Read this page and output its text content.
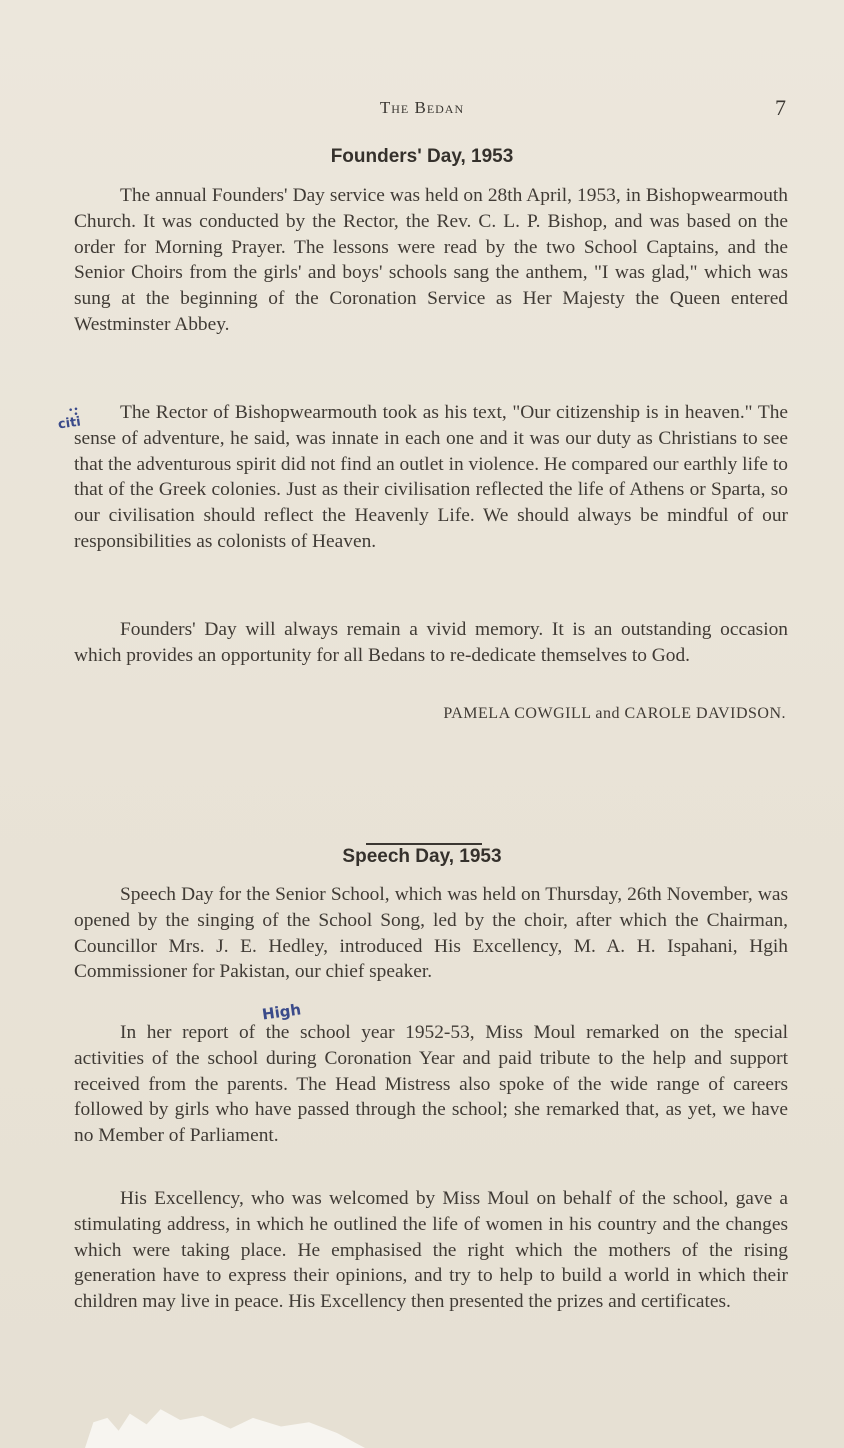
The Bedan	7
Founders' Day, 1953

The annual Founders' Day service was held on 28th April, 1953, in Bishopwearmouth Church. It was conducted by the Rector, the Rev. C. L. P. Bishop, and was based on the order for Morning Prayer. The lessons were read by the two School Captains, and the Senior Choirs from the girls' and boys' schools sang the anthem, "I was glad," which was sung at the beginning of the Coronation Service as Her Majesty the Queen entered Westminster Abbey.

·:
citi

The Rector of Bishopwearmouth took as his text, "Our citizenship is in heaven." The sense of adventure, he said, was innate in each one and it was our duty as Christians to see that the adventurous spirit did not find an outlet in violence. He compared our earthly life to that of the Greek colonies. Just as their civilisation reflected the life of Athens or Sparta, so our civilisation should reflect the Heavenly Life. We should always be mindful of our responsibilities as colonists of Heaven.

Founders' Day will always remain a vivid memory. It is an outstanding occasion which provides an opportunity for all Bedans to re-dedicate themselves to God.

PAMELA COWGILL and CAROLE DAVIDSON.
Speech Day, 1953

Speech Day for the Senior School, which was held on Thursday, 26th November, was opened by the singing of the School Song, led by the choir, after which the Chairman, Councillor Mrs. J. E. Hedley, introduced His Excellency, M. A. H. Ispahani, Hgih Commissioner for Pakistan, our chief speaker.

High

In her report of the school year 1952-53, Miss Moul remarked on the special activities of the school during Coronation Year and paid tribute to the help and support received from the parents. The Head Mistress also spoke of the wide range of careers followed by girls who have passed through the school; she remarked that, as yet, we have no Member of Parliament.

His Excellency, who was welcomed by Miss Moul on behalf of the school, gave a stimulating address, in which he outlined the life of women in his country and the changes which were taking place. He emphasised the right which the mothers of the rising generation have to express their opinions, and try to help to build a world in which their children may live in peace. His Excellency then presented the prizes and certificates.
